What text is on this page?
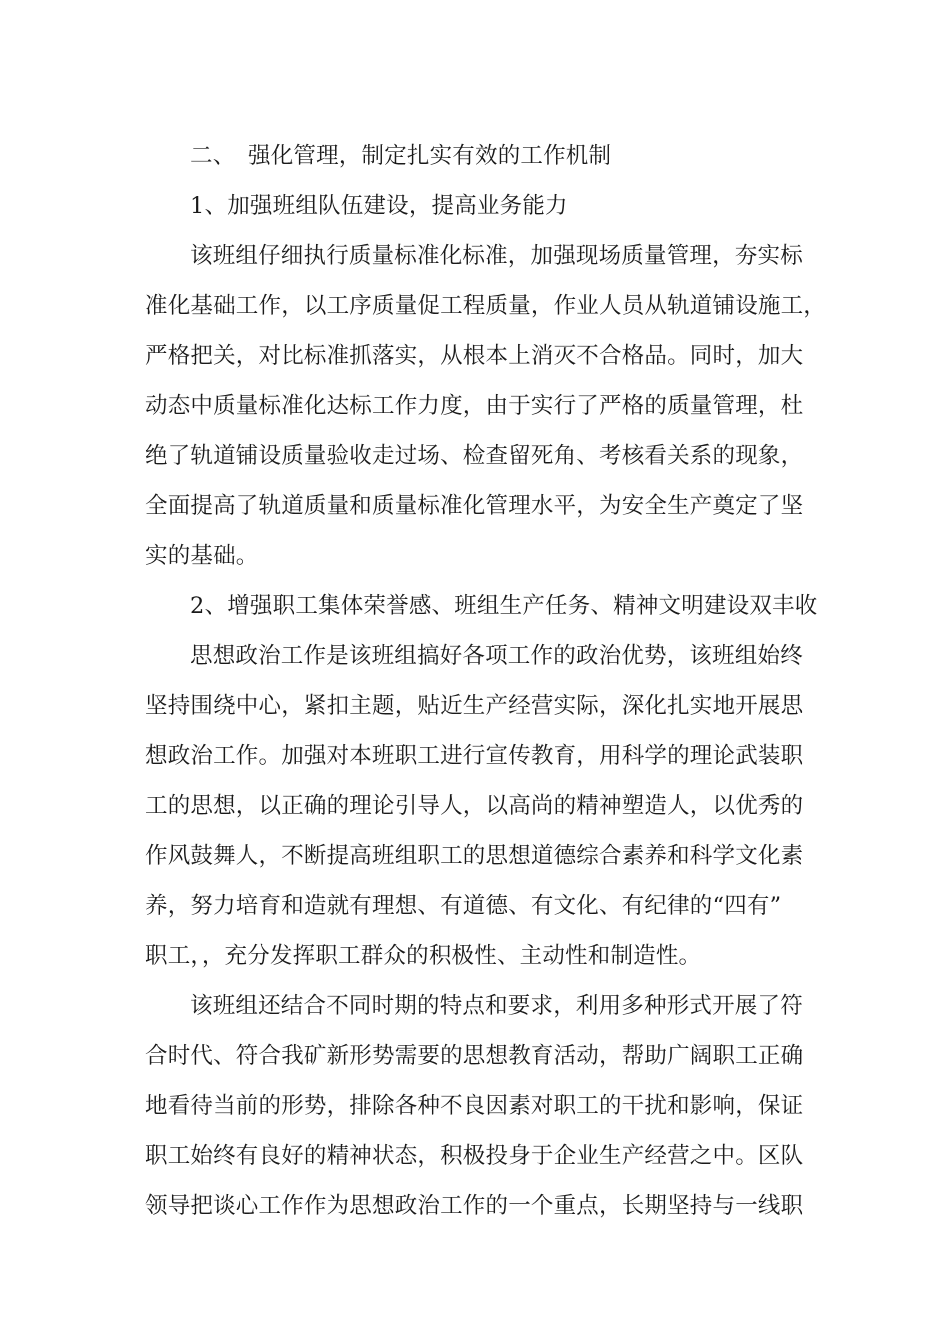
二、 强化管理，制定扎实有效的工作机制
1、加强班组队伍建设，提高业务能力
该班组仔细执行质量标准化标准，加强现场质量管理，夯实标
准化基础工作，以工序质量促工程质量，作业人员从轨道铺设施工，
严格把关，对比标准抓落实，从根本上消灭不合格品。同时，加大
动态中质量标准化达标工作力度，由于实行了严格的质量管理，杜
绝了轨道铺设质量验收走过场、检查留死角、考核看关系的现象，
全面提高了轨道质量和质量标准化管理水平，为安全生产奠定了坚
实的基础。
2、增强职工集体荣誉感、班组生产任务、精神文明建设双丰收
思想政治工作是该班组搞好各项工作的政治优势，该班组始终
坚持围绕中心，紧扣主题，贴近生产经营实际，深化扎实地开展思
想政治工作。加强对本班职工进行宣传教育，用科学的理论武装职
工的思想，以正确的理论引导人，以高尚的精神塑造人，以优秀的
作风鼓舞人，不断提高班组职工的思想道德综合素养和科学文化素
养，努力培育和造就有理想、有道德、有文化、有纪律的“四有”
职工，，充分发挥职工群众的积极性、主动性和制造性。
该班组还结合不同时期的特点和要求，利用多种形式开展了符
合时代、符合我矿新形势需要的思想教育活动，帮助广阔职工正确
地看待当前的形势，排除各种不良因素对职工的干扰和影响，保证
职工始终有良好的精神状态，积极投身于企业生产经营之中。区队
领导把谈心工作作为思想政治工作的一个重点，长期坚持与一线职
